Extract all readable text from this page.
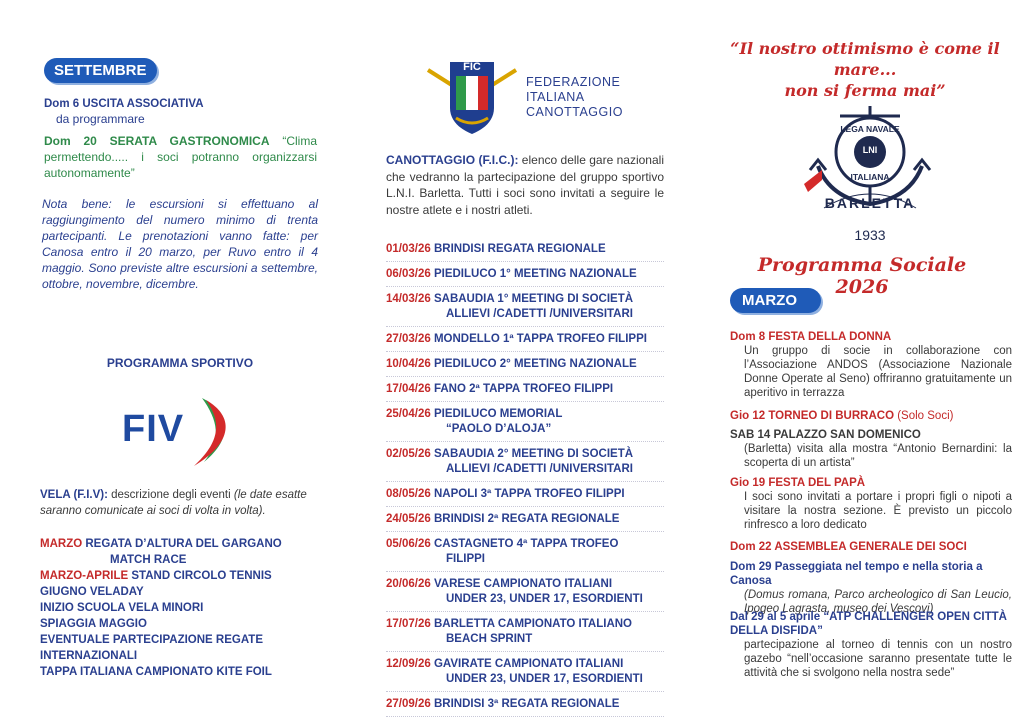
SETTEMBRE
Dom 6 USCITA ASSOCIATIVA
da programmare
Dom 20 SERATA GASTRONOMICA “Clima permettendo..... i soci potranno organizzarsi autonomamente”
Nota bene: le escursioni si effettuano al raggiungimento del numero minimo di trenta partecipanti. Le prenotazioni vanno fatte: per Canosa entro il 20 marzo, per Ruvo entro il 4 maggio. Sono previste altre escursioni a settembre, ottobre, novembre, dicembre.
PROGRAMMA SPORTIVO
FIV
VELA (F.I.V): descrizione degli eventi (le date esatte saranno comunicate ai soci di volta in volta).
MARZO REGATA D’ALTURA DEL GARGANO
MATCH RACE
MARZO-APRILE STAND CIRCOLO TENNIS
GIUGNO VELADAY
INIZIO SCUOLA VELA MINORI
SPIAGGIA MAGGIO
EVENTUALE PARTECIPAZIONE REGATE
INTERNAZIONALI
TAPPA ITALIANA CAMPIONATO KITE FOIL
FIC
FEDERAZIONE
ITALIANA
CANOTTAGGIO
CANOTTAGGIO (F.I.C.): elenco delle gare nazionali che vedranno la partecipazione del gruppo sportivo L.N.I. Barletta. Tutti i soci sono invitati a seguire le nostre atlete e i nostri atleti.
01/03/26 BRINDISI REGATA REGIONALE
06/03/26 PIEDILUCO 1° MEETING NAZIONALE
14/03/26 SABAUDIA 1° MEETING DI SOCIETÀ
ALLIEVI /CADETTI /UNIVERSITARI
27/03/26 MONDELLO 1ª TAPPA TROFEO FILIPPI
10/04/26 PIEDILUCO 2° MEETING NAZIONALE
17/04/26 FANO 2ª TAPPA TROFEO FILIPPI
25/04/26 PIEDILUCO MEMORIAL
“PAOLO D’ALOJA”
02/05/26 SABAUDIA 2° MEETING DI SOCIETÀ
ALLIEVI /CADETTI /UNIVERSITARI
08/05/26 NAPOLI 3ª TAPPA TROFEO FILIPPI
24/05/26 BRINDISI 2ª REGATA REGIONALE
05/06/26 CASTAGNETO 4ª TAPPA TROFEO
FILIPPI
20/06/26 VARESE CAMPIONATO ITALIANI
UNDER 23, UNDER 17, ESORDIENTI
17/07/26 BARLETTA CAMPIONATO ITALIANO
BEACH SPRINT
12/09/26 GAVIRATE CAMPIONATO ITALIANI
UNDER 23, UNDER 17, ESORDIENTI
27/09/26 BRINDISI 3ª REGATA REGIONALE
“Il nostro ottimismo è come il mare...
non si ferma mai”
LEGA NAVALE
LNI
ITALIANA
BARLETTA
1933
Programma Sociale 2026
MARZO
Dom 8 FESTA DELLA DONNA
Un gruppo di socie in collaborazione con l’Associazione ANDOS (Associazione Nazionale Donne Operate al Seno) offriranno gratuitamente un aperitivo in terrazza
Gio 12 TORNEO DI BURRACO (Solo Soci)
SAB 14 PALAZZO SAN DOMENICO
(Barletta) visita alla mostra “Antonio Bernardini: la scoperta di un artista”
Gio 19 FESTA DEL PAPÀ
I soci sono invitati a portare i propri figli o nipoti a visitare la nostra sezione. È previsto un piccolo rinfresco a loro dedicato
Dom 22 ASSEMBLEA GENERALE DEI SOCI
Dom 29 Passeggiata nel tempo e nella storia a Canosa
(Domus romana, Parco archeologico di San Leucio, Ipogeo Lagrasta, museo dei Vescovi)
Dal 29 al 5 aprile “ATP CHALLENGER OPEN CITTÀ DELLA DISFIDA”
partecipazione al torneo di tennis con un nostro gazebo “nell’occasione saranno presentate tutte le attività che si svolgono nella nostra sede”
